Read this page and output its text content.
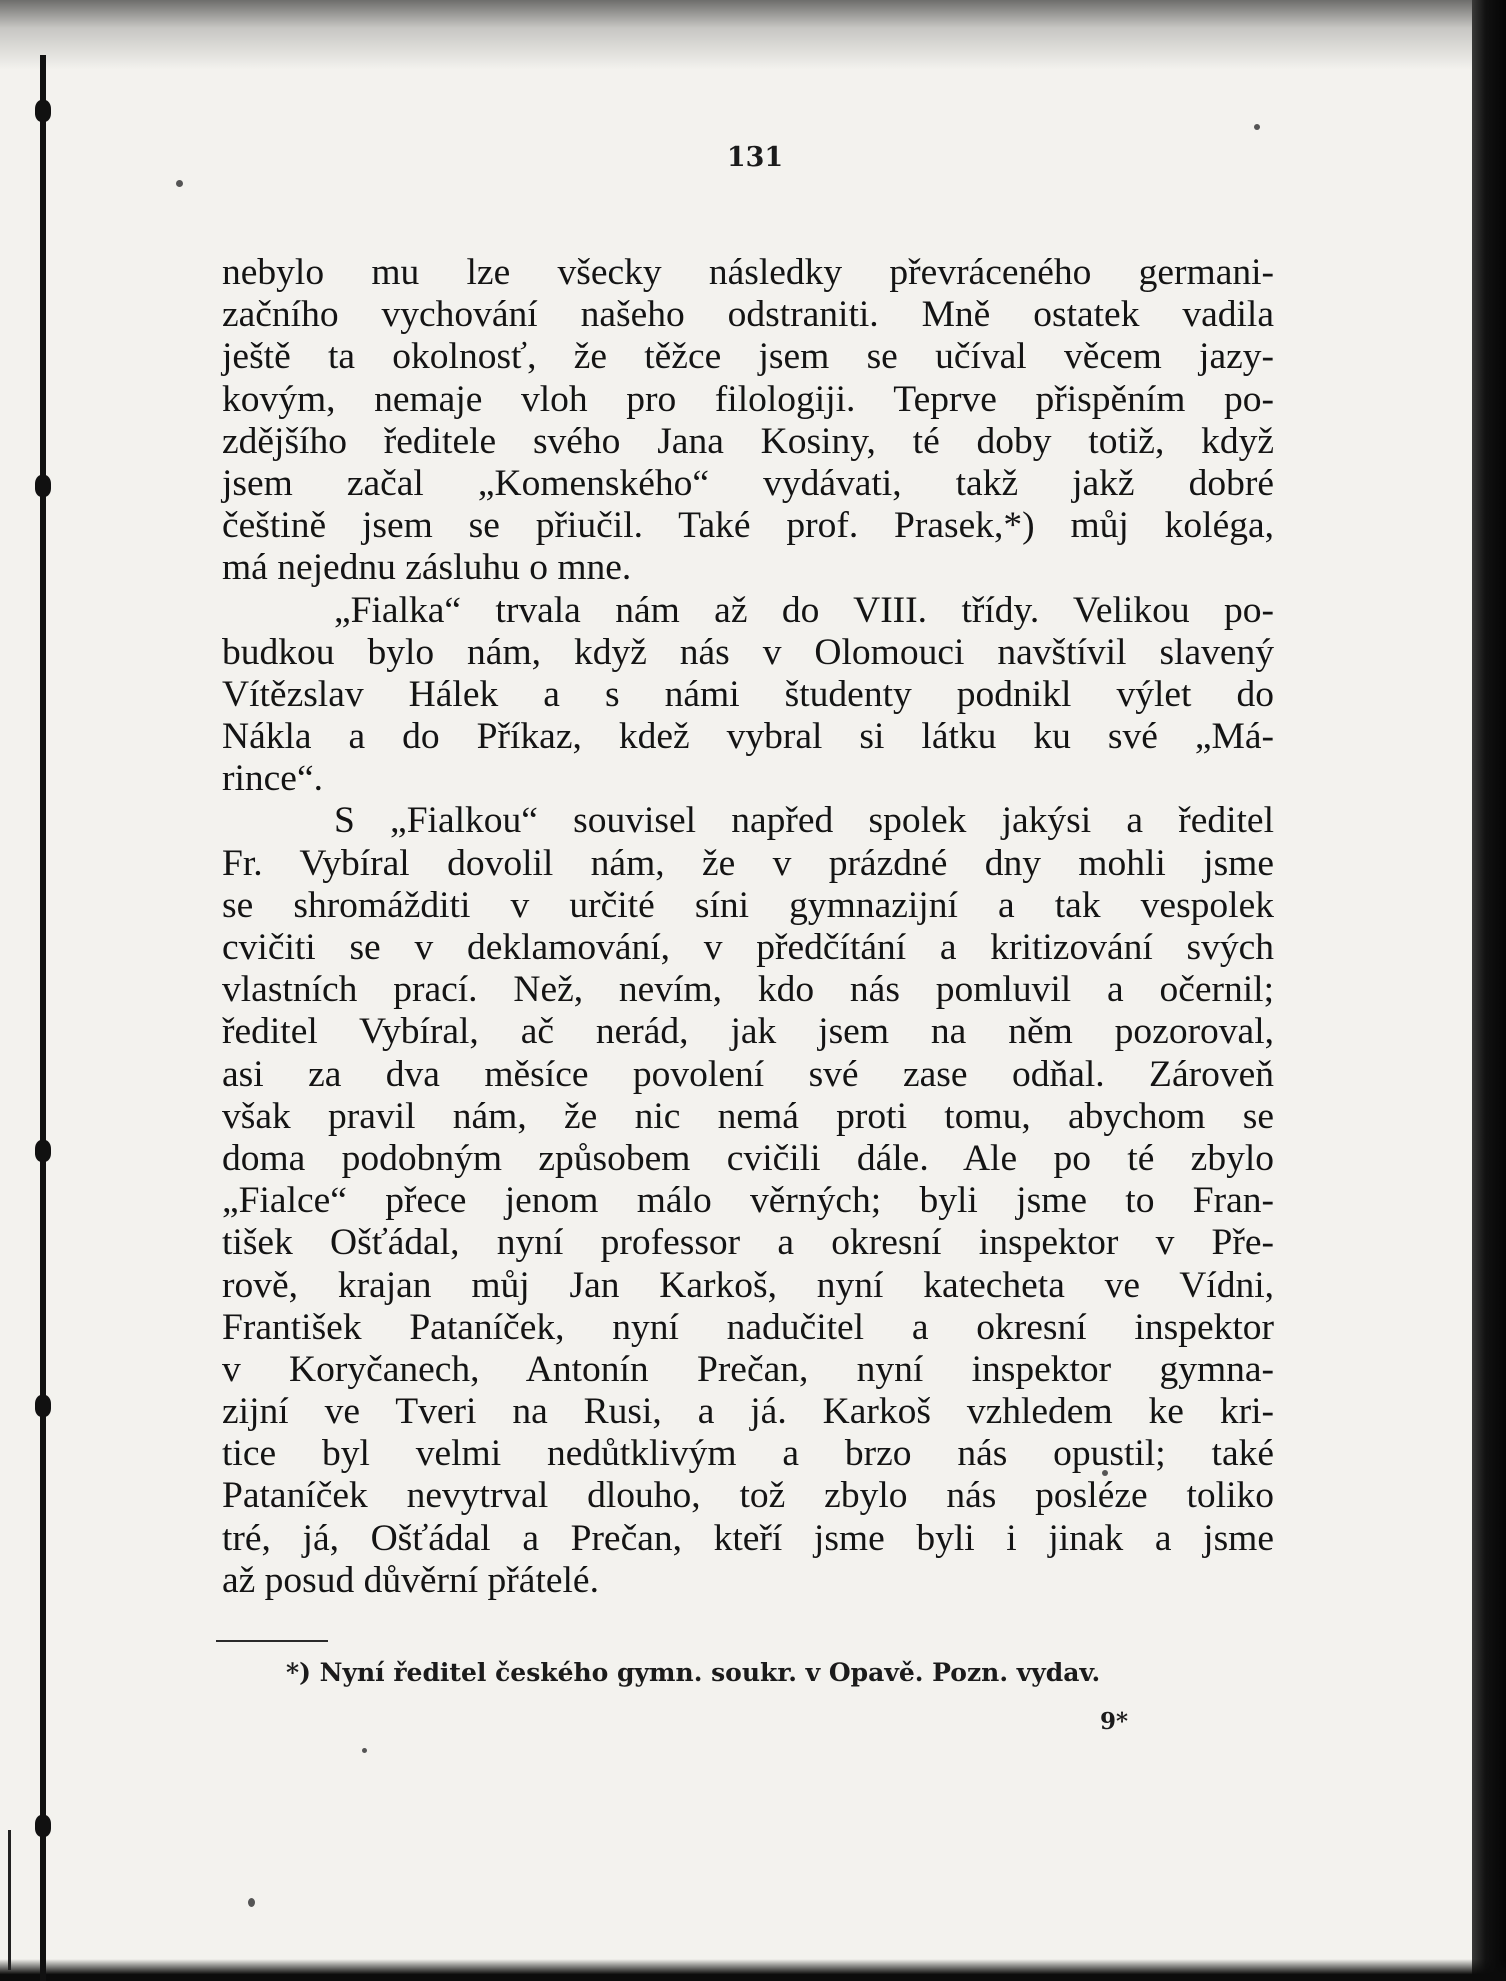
131
nebylo mu lze všecky následky převráceného germani-
začního vychování našeho odstraniti. Mně ostatek vadila
ještě ta okolnosť, že těžce jsem se učíval věcem jazy-
kovým, nemaje vloh pro filologiji. Teprve přispěním po-
zdějšího ředitele svého Jana Kosiny, té doby totiž, když
jsem začal „Komenského“ vydávati, takž jakž dobré
češtině jsem se přiučil. Také prof. Prasek,*) můj koléga,
má nejednu zásluhu o mne.
„Fialka“ trvala nám až do VIII. třídy. Velikou po-
budkou bylo nám, když nás v Olomouci navštívil slavený
Vítězslav Hálek a s námi študenty podnikl výlet do
Nákla a do Příkaz, kdež vybral si látku ku své „Má-
rince“.
S „Fialkou“ souvisel napřed spolek jakýsi a ředitel
Fr. Vybíral dovolil nám, že v prázdné dny mohli jsme
se shromážditi v určité síni gymnazijní a tak vespolek
cvičiti se v deklamování, v předčítání a kritizování svých
vlastních prací. Než, nevím, kdo nás pomluvil a očernil;
ředitel Vybíral, ač nerád, jak jsem na něm pozoroval,
asi za dva měsíce povolení své zase odňal. Zároveň
však pravil nám, že nic nemá proti tomu, abychom se
doma podobným způsobem cvičili dále. Ale po té zbylo
„Fialce“ přece jenom málo věrných; byli jsme to Fran-
tišek Ošťádal, nyní professor a okresní inspektor v Pře-
rově, krajan můj Jan Karkoš, nyní katecheta ve Vídni,
František Pataníček, nyní nadučitel a okresní inspektor
v Koryčanech, Antonín Prečan, nyní inspektor gymna-
zijní ve Tveri na Rusi, a já. Karkoš vzhledem ke kri-
tice byl velmi nedůtklivým a brzo nás opustil; také
Pataníček nevytrval dlouho, tož zbylo nás posléze toliko
tré, já, Ošťádal a Prečan, kteří jsme byli i jinak a jsme
až posud důvěrní přátelé.
*) Nyní ředitel českého gymn. soukr. v Opavě. Pozn. vydav.
9*
